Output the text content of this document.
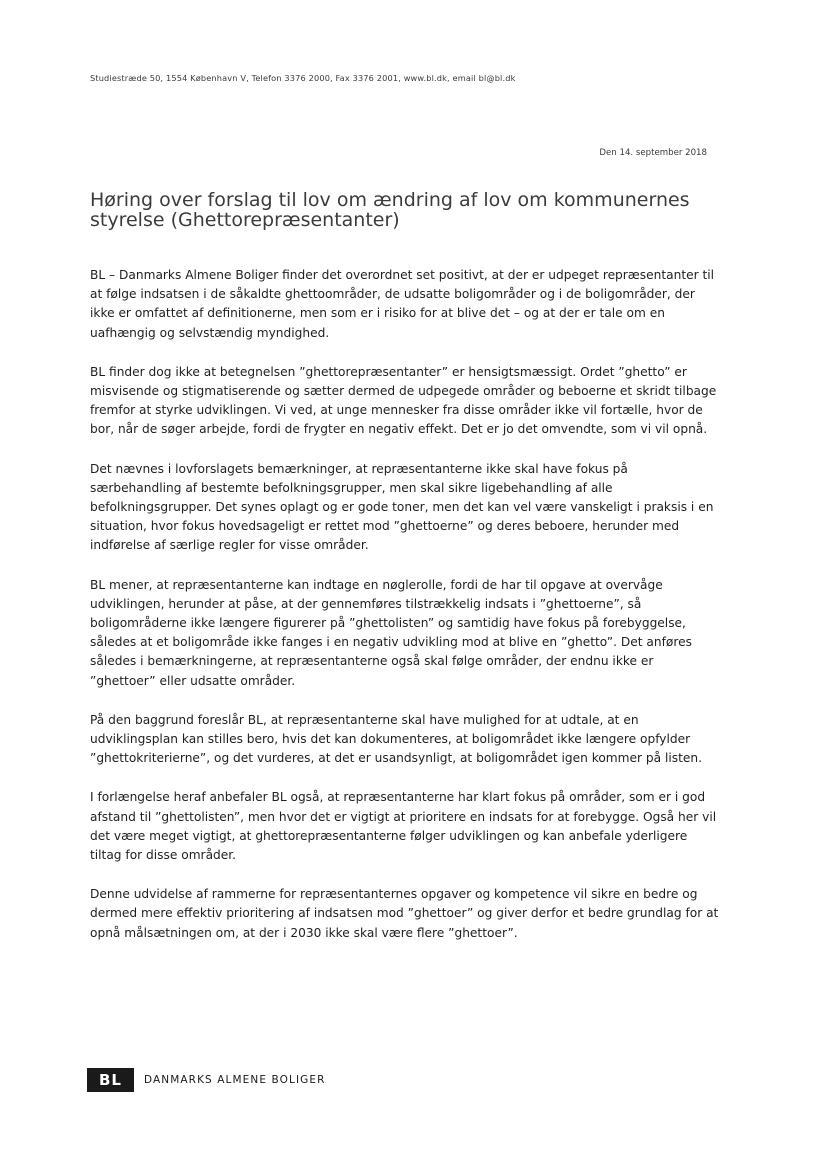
Studiestræde 50, 1554 København V, Telefon 3376 2000, Fax 3376 2001, www.bl.dk, email bl@bl.dk
Den 14. september 2018
Høring over forslag til lov om ændring af lov om kommunernes styrelse (Ghettorepræsentanter)

BL – Danmarks Almene Boliger finder det overordnet set positivt, at der er udpeget repræsentanter til at følge indsatsen i de såkaldte ghettoområder, de udsatte boligområder og i de boligområder, der ikke er omfattet af definitionerne, men som er i risiko for at blive det – og at der er tale om en uafhængig og selvstændig myndighed.

BL finder dog ikke at betegnelsen ”ghettorepræsentanter” er hensigtsmæssigt. Ordet ”ghetto” er misvisende og stigmatiserende og sætter dermed de udpegede områder og beboerne et skridt tilbage fremfor at styrke udviklingen. Vi ved, at unge mennesker fra disse områder ikke vil fortælle, hvor de bor, når de søger arbejde, fordi de frygter en negativ effekt. Det er jo det omvendte, som vi vil opnå.

Det nævnes i lovforslagets bemærkninger, at repræsentanterne ikke skal have fokus på særbehandling af bestemte befolkningsgrupper, men skal sikre ligebehandling af alle befolkningsgrupper. Det synes oplagt og er gode toner, men det kan vel være vanskeligt i praksis i en situation, hvor fokus hovedsageligt er rettet mod ”ghettoerne” og deres beboere, herunder med indførelse af særlige regler for visse områder.

BL mener, at repræsentanterne kan indtage en nøglerolle, fordi de har til opgave at overvåge udviklingen, herunder at påse, at der gennemføres tilstrækkelig indsats i ”ghettoerne”, så boligområderne ikke længere figurerer på ”ghettolisten” og samtidig have fokus på forebyggelse, således at et boligområde ikke fanges i en negativ udvikling mod at blive en ”ghetto”. Det anføres således i bemærkningerne, at repræsentanterne også skal følge områder, der endnu ikke er ”ghettoer” eller udsatte områder.

På den baggrund foreslår BL, at repræsentanterne skal have mulighed for at udtale, at en udviklingsplan kan stilles bero, hvis det kan dokumenteres, at boligområdet ikke længere opfylder ”ghettokriterierne”, og det vurderes, at det er usandsynligt, at boligområdet igen kommer på listen.

I forlængelse heraf anbefaler BL også, at repræsentanterne har klart fokus på områder, som er i god afstand til ”ghettolisten”, men hvor det er vigtigt at prioritere en indsats for at forebygge. Også her vil det være meget vigtigt, at ghettorepræsentanterne følger udviklingen og kan anbefale yderligere tiltag for disse områder.

Denne udvidelse af rammerne for repræsentanternes opgaver og kompetence vil sikre en bedre og dermed mere effektiv prioritering af indsatsen mod ”ghettoer” og giver derfor et bedre grundlag for at opnå målsætningen om, at der i 2030 ikke skal være flere ”ghettoer”.

BL	DANMARKS ALMENE BOLIGER
